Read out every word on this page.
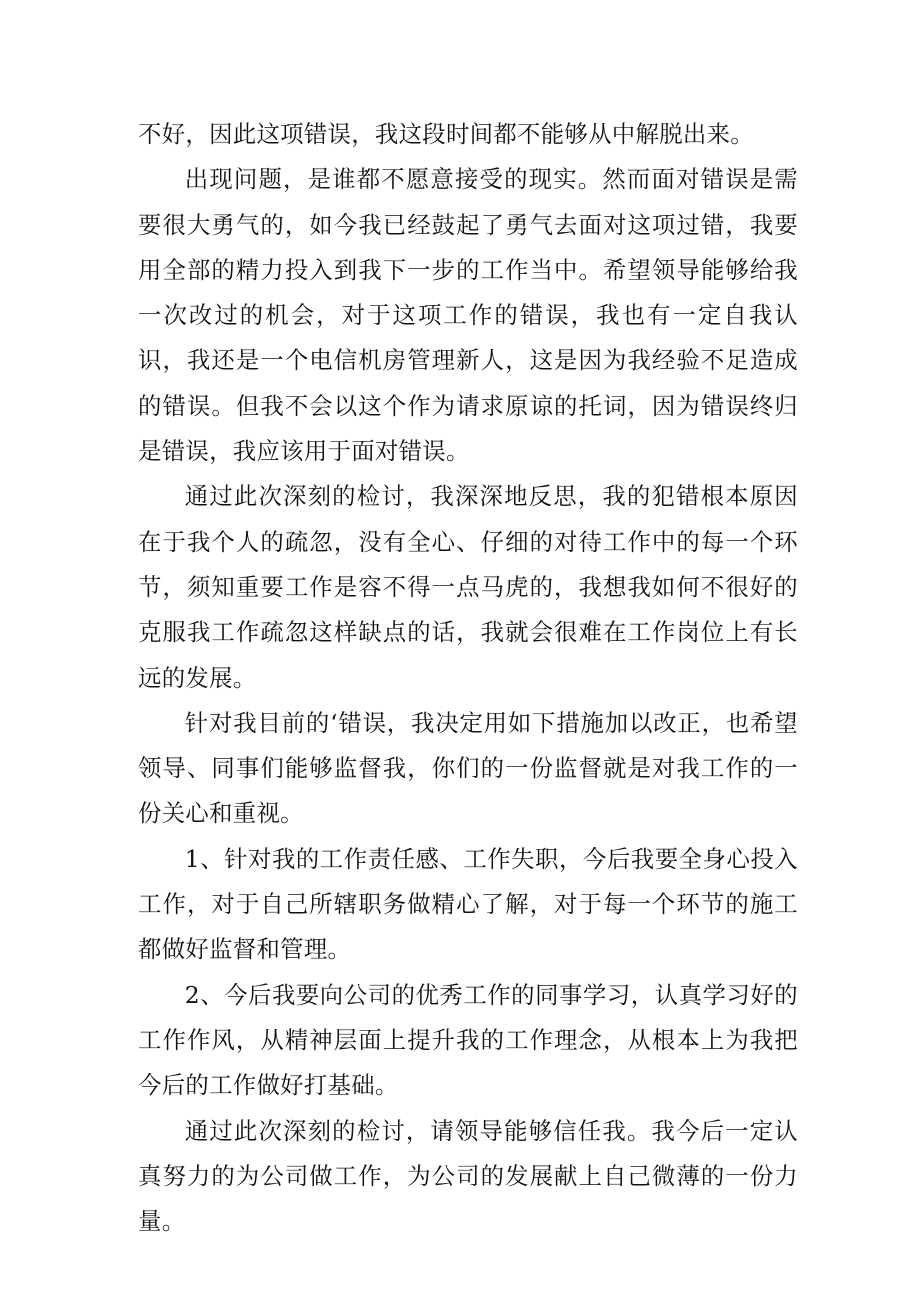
不好，因此这项错误，我这段时间都不能够从中解脱出来。

出现问题，是谁都不愿意接受的现实。然而面对错误是需要很大勇气的，如今我已经鼓起了勇气去面对这项过错，我要用全部的精力投入到我下一步的工作当中。希望领导能够给我一次改过的机会，对于这项工作的错误，我也有一定自我认识，我还是一个电信机房管理新人，这是因为我经验不足造成的错误。但我不会以这个作为请求原谅的托词，因为错误终归是错误，我应该用于面对错误。

通过此次深刻的检讨，我深深地反思，我的犯错根本原因在于我个人的疏忽，没有全心、仔细的对待工作中的每一个环节，须知重要工作是容不得一点马虎的，我想我如何不很好的克服我工作疏忽这样缺点的话，我就会很难在工作岗位上有长远的发展。

针对我目前的‘错误，我决定用如下措施加以改正，也希望领导、同事们能够监督我，你们的一份监督就是对我工作的一份关心和重视。

1、针对我的工作责任感、工作失职，今后我要全身心投入工作，对于自己所辖职务做精心了解，对于每一个环节的施工都做好监督和管理。

2、今后我要向公司的优秀工作的同事学习，认真学习好的工作作风，从精神层面上提升我的工作理念，从根本上为我把今后的工作做好打基础。

通过此次深刻的检讨，请领导能够信任我。我今后一定认真努力的为公司做工作，为公司的发展献上自己微薄的一份力量。
